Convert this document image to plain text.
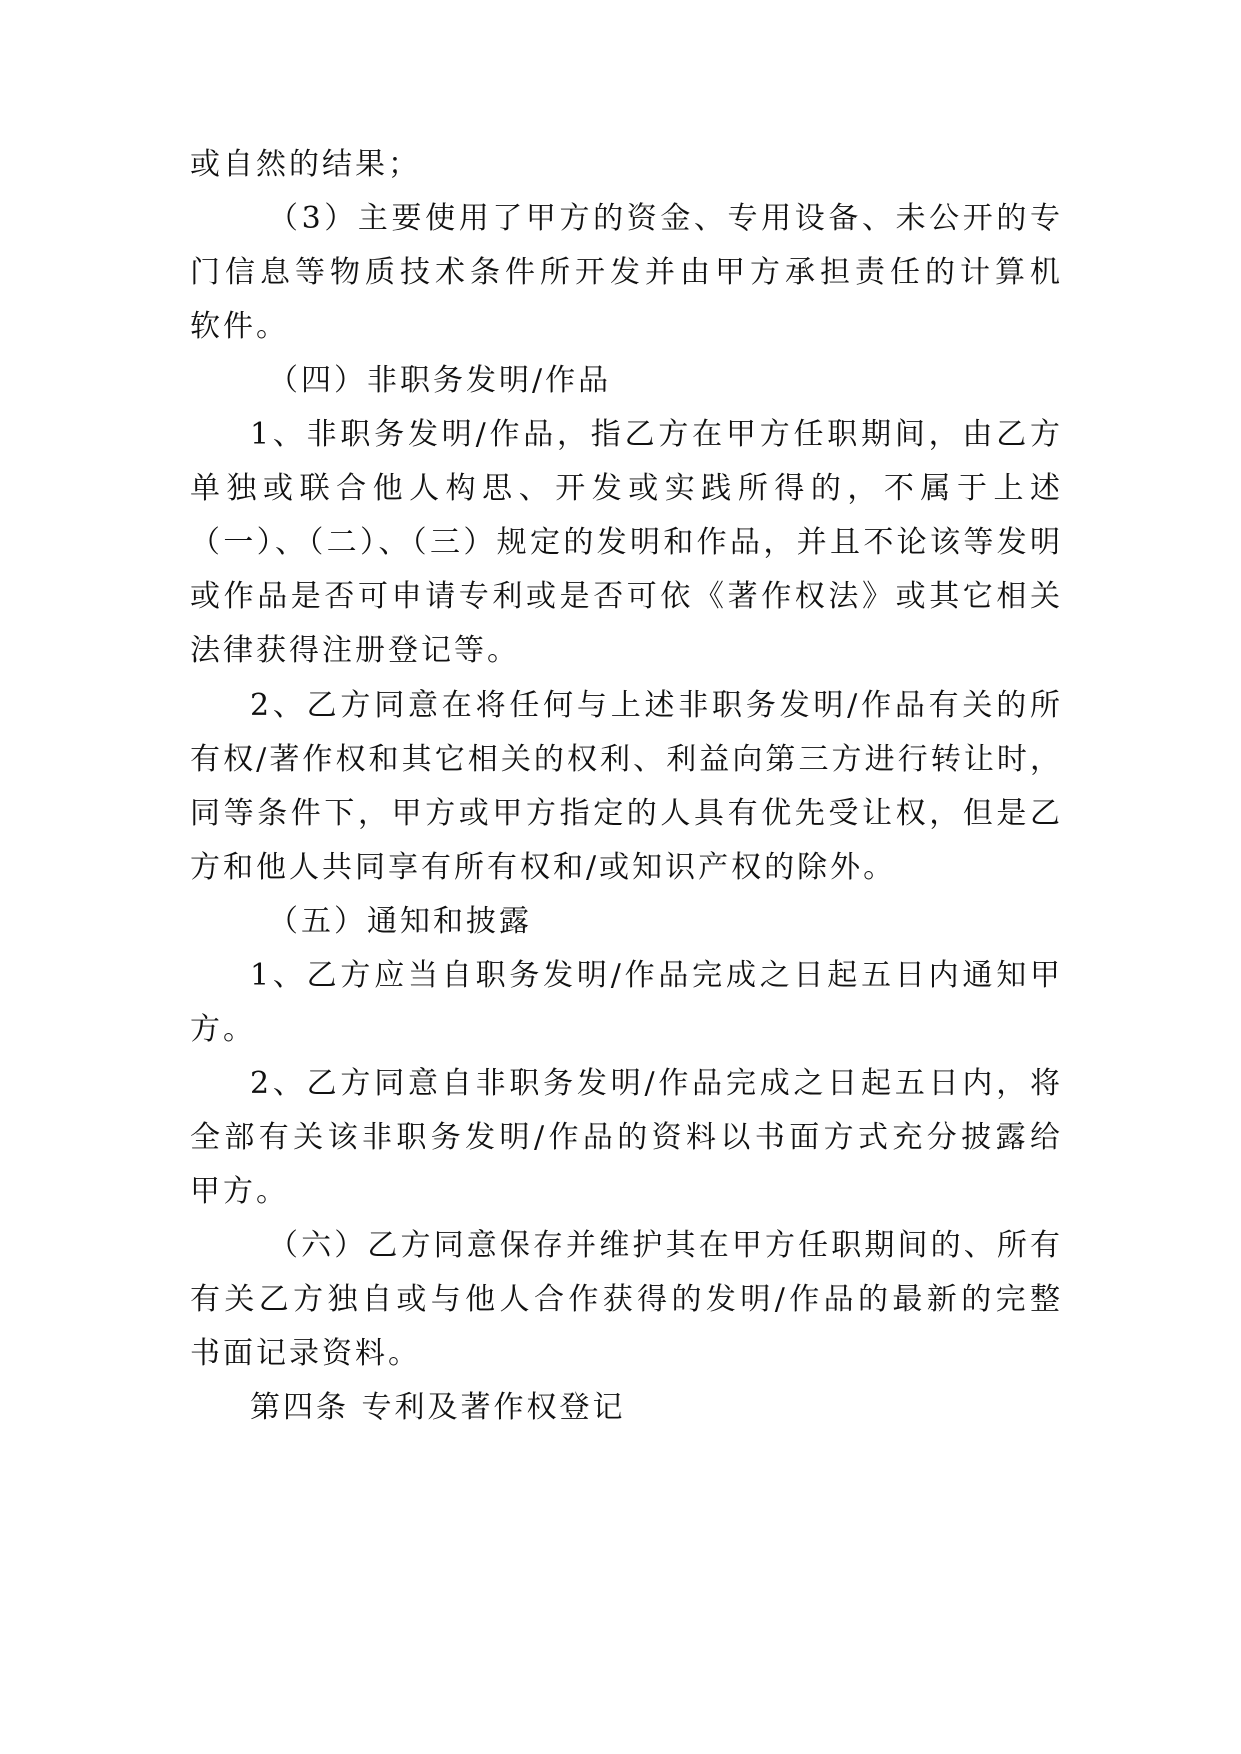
或自然的结果；
（3）主要使用了甲方的资金、专用设备、未公开的专
门信息等物质技术条件所开发并由甲方承担责任的计算机
软件。
（四）非职务发明/作品
1、非职务发明/作品，指乙方在甲方任职期间，由乙方
单独或联合他人构思、开发或实践所得的，不属于上述
（一）、（二）、（三）规定的发明和作品，并且不论该等发明
或作品是否可申请专利或是否可依《著作权法》或其它相关
法律获得注册登记等。
2、乙方同意在将任何与上述非职务发明/作品有关的所
有权/著作权和其它相关的权利、利益向第三方进行转让时，
同等条件下，甲方或甲方指定的人具有优先受让权，但是乙
方和他人共同享有所有权和/或知识产权的除外。
（五）通知和披露
1、乙方应当自职务发明/作品完成之日起五日内通知甲
方。
2、乙方同意自非职务发明/作品完成之日起五日内，将
全部有关该非职务发明/作品的资料以书面方式充分披露给
甲方。
（六）乙方同意保存并维护其在甲方任职期间的、所有
有关乙方独自或与他人合作获得的发明/作品的最新的完整
书面记录资料。
第四条 专利及著作权登记
